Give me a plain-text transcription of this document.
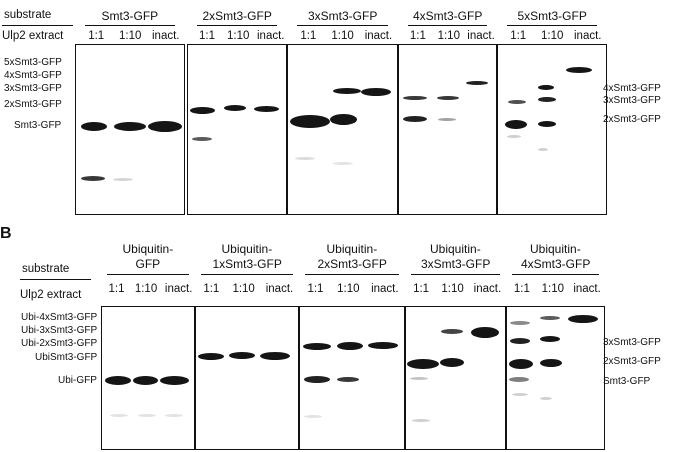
substrate
Ulp2 extract
Smt3-GFP
1:1 1:10 inact.
2xSmt3-GFP
1:1 1:10 inact.
3xSmt3-GFP
1:1 1:10 inact.
4xSmt3-GFP
1:1 1:10 inact.
5xSmt3-GFP
1:1 1:10 inact.
5xSmt3-GFP
4xSmt3-GFP
3xSmt3-GFP
2xSmt3-GFP
Smt3-GFP
4xSmt3-GFP
3xSmt3-GFP
2xSmt3-GFP
B
substrate
Ulp2 extract
Ubiquitin-
GFP
1:1 1:10 inact.
Ubiquitin-
1xSmt3-GFP
1:1 1:10 inact.
Ubiquitin-
2xSmt3-GFP
1:1 1:10 inact.
Ubiquitin-
3xSmt3-GFP
1:1 1:10 inact.
Ubiquitin-
4xSmt3-GFP
1:1 1:10 inact.
Ubi-4xSmt3-GFP
Ubi-3xSmt3-GFP
Ubi-2xSmt3-GFP
UbiSmt3-GFP
Ubi-GFP
3xSmt3-GFP
2xSmt3-GFP
Smt3-GFP
